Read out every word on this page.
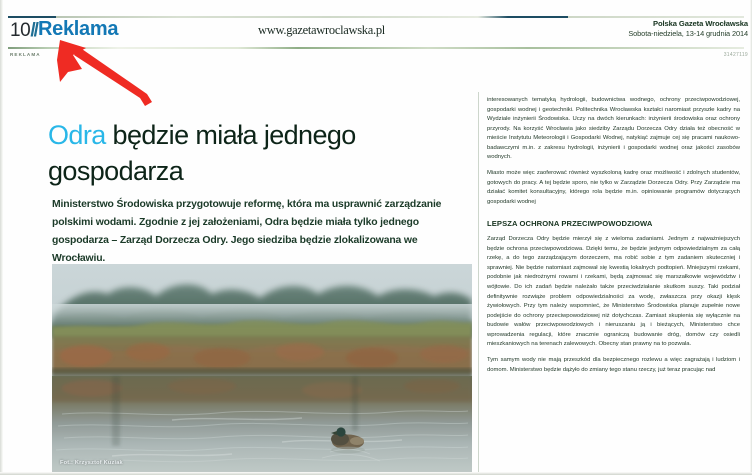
10// Reklama
REKLAMA
www.gazetawroclawska.pl	Polska Gazeta Wrocławska
Sobota-niedziela, 13-14 grudnia 2014
31427119
Odra będzie miała jednego gospodarza

Ministerstwo Środowiska przygotowuje reformę, która ma usprawnić zarządzanie polskimi wodami. Zgodnie z jej założeniami, Odra będzie miała tylko jednego gospodarza – Zarząd Dorzecza Odry. Jego siedziba będzie zlokalizowana we Wrocławiu.

Fot.: Krzysztof Kuziak

interesowanych tematyką hydrologii, budownictwa wodnego, ochrony przeciwpowodziowej, gospodarki wodnej i geotechniki. Politechnika Wrocławska kształci naromiast przyszłe kadry na Wydziale inżynierii Środowiska. Uczy na dwóch kierunkach: inżynierii środowiska oraz ochrony przyrody. Na korzyść Wrocławia jako siedziby Zarządu Dorzecza Odry działa też obecność w mieście Instytutu Meteorologii i Gospodarki Wodnej, natykiąć zajmuje cej się pracami naukowo-badawczymi m.in. z zakresu hydrologii, inżynierii i gospodarki wodnej oraz jakości zasobów wodnych.

Miasto może więc zaoferować również wyszkoloną kadrę oraz możliwość i zdolnych studentów, gotowych do pracy. A tej będzie sporo, nie tylko w Zarządzie Dorzecza Odry. Przy Zarządzie ma działać komitet konsultacyjny, którego rola będzie m.in. opiniowanie programów dotyczących gospodarki wodnej

LEPSZA OCHRONA PRZECIWPOWODZIOWA

Zarząd Dorzecza Odry będzie mierzył się z wieloma zadaniami. Jednym z najważniejszych będzie ochrona przeciwpowodziowa. Dzięki temu, że będzie jedynym odpowiedzialnym za całą rzekę, a do tego zarządzającym dorzeczem, ma robić sobie z tym zadaniem skuteczniej i sprawniej. Nie będzie natomiast zajmował się kwestią lokalnych podtopień. Mniejszymi rzekami, podobnie jak niedrożnymi rowami i rzekami, będą zajmować się marszałkowie województw i wójtowie. Do ich zadań będzie należało także przeciwdziałanie skutkom suszy. Taki podział definitywnie rozwiąże problem odpowiedzialności za wodę, zwłaszcza przy okazji klęsk żywiołowych. Przy tym należy wspomnieć, że Ministerstwo Środowiska planuje zupełnie nowe podejście do ochrony przeciwpowodziowej niż dotychczas. Zamiast skupienia się wyłącznie na budowie wałów przeciwpowodziowych i nieruszaniu ją i bieżących, Ministerstwo chce wprowadzenia regulacji, które znacznie ograniczą budowanie dróg, domów czy osiedli mieszkaniowych na terenach zalewowych. Obecny stan prawny na to pozwala.

Tym samym wody nie mają przeszkód dla bezpiecznego rozlewu a więc zagrażają i ludziom i domom. Ministerstwo będzie dążyło do zmiany tego stanu rzeczy, już teraz pracując nad
